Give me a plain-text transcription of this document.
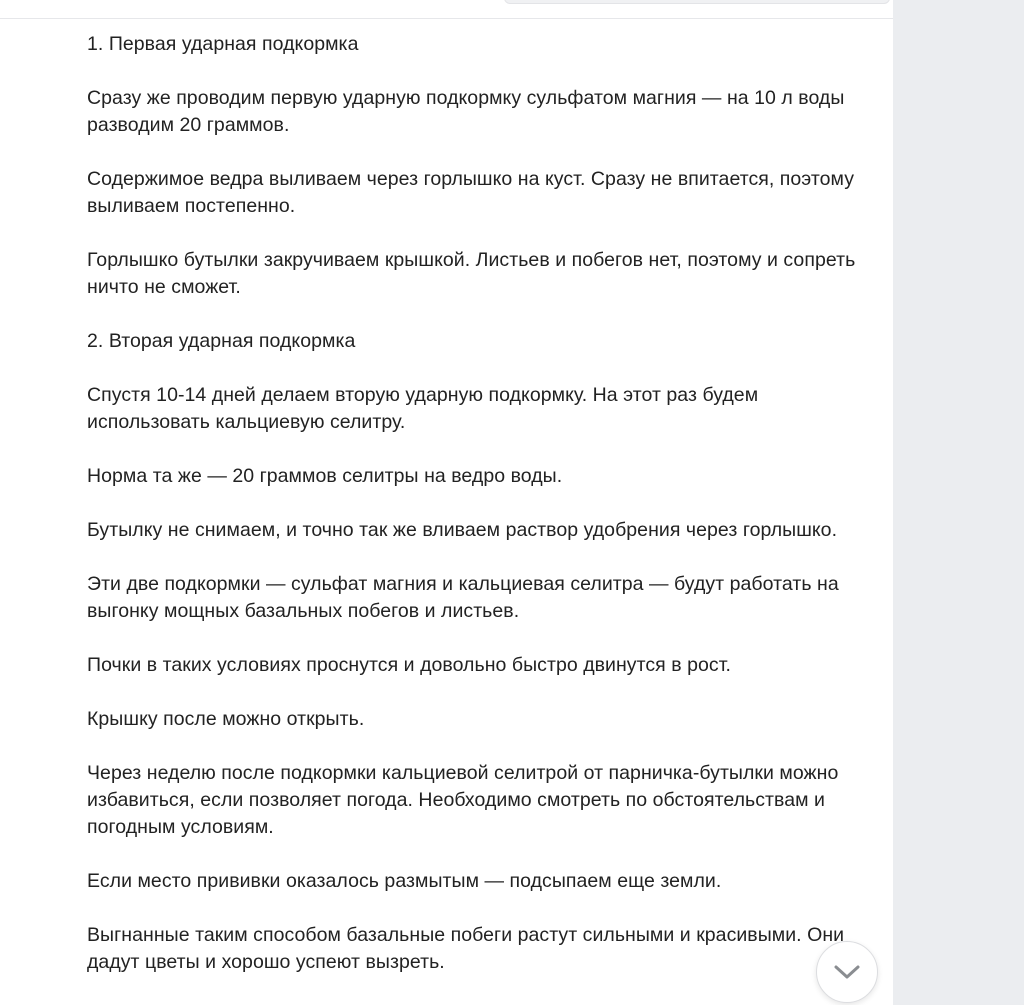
1. Первая ударная подкормка

Сразу же проводим первую ударную подкормку сульфатом магния — на 10 л воды разводим 20 граммов.

Содержимое ведра выливаем через горлышко на куст. Сразу не впитается, поэтому выливаем постепенно.

Горлышко бутылки закручиваем крышкой. Листьев и побегов нет, поэтому и сопреть ничто не сможет.

2. Вторая ударная подкормка

Спустя 10-14 дней делаем вторую ударную подкормку. На этот раз будем использовать кальциевую селитру.

Норма та же — 20 граммов селитры на ведро воды.

Бутылку не снимаем, и точно так же вливаем раствор удобрения через горлышко.

Эти две подкормки — сульфат магния и кальциевая селитра — будут работать на выгонку мощных базальных побегов и листьев.

Почки в таких условиях проснутся и довольно быстро двинутся в рост.

Крышку после можно открыть.

Через неделю после подкормки кальциевой селитрой от парничка-бутылки можно избавиться, если позволяет погода. Необходимо смотреть по обстоятельствам и погодным условиям.

Если место прививки оказалось размытым — подсыпаем еще земли.

Выгнанные таким способом базальные побеги растут сильными и красивыми. Они дадут цветы и хорошо успеют вызреть.
